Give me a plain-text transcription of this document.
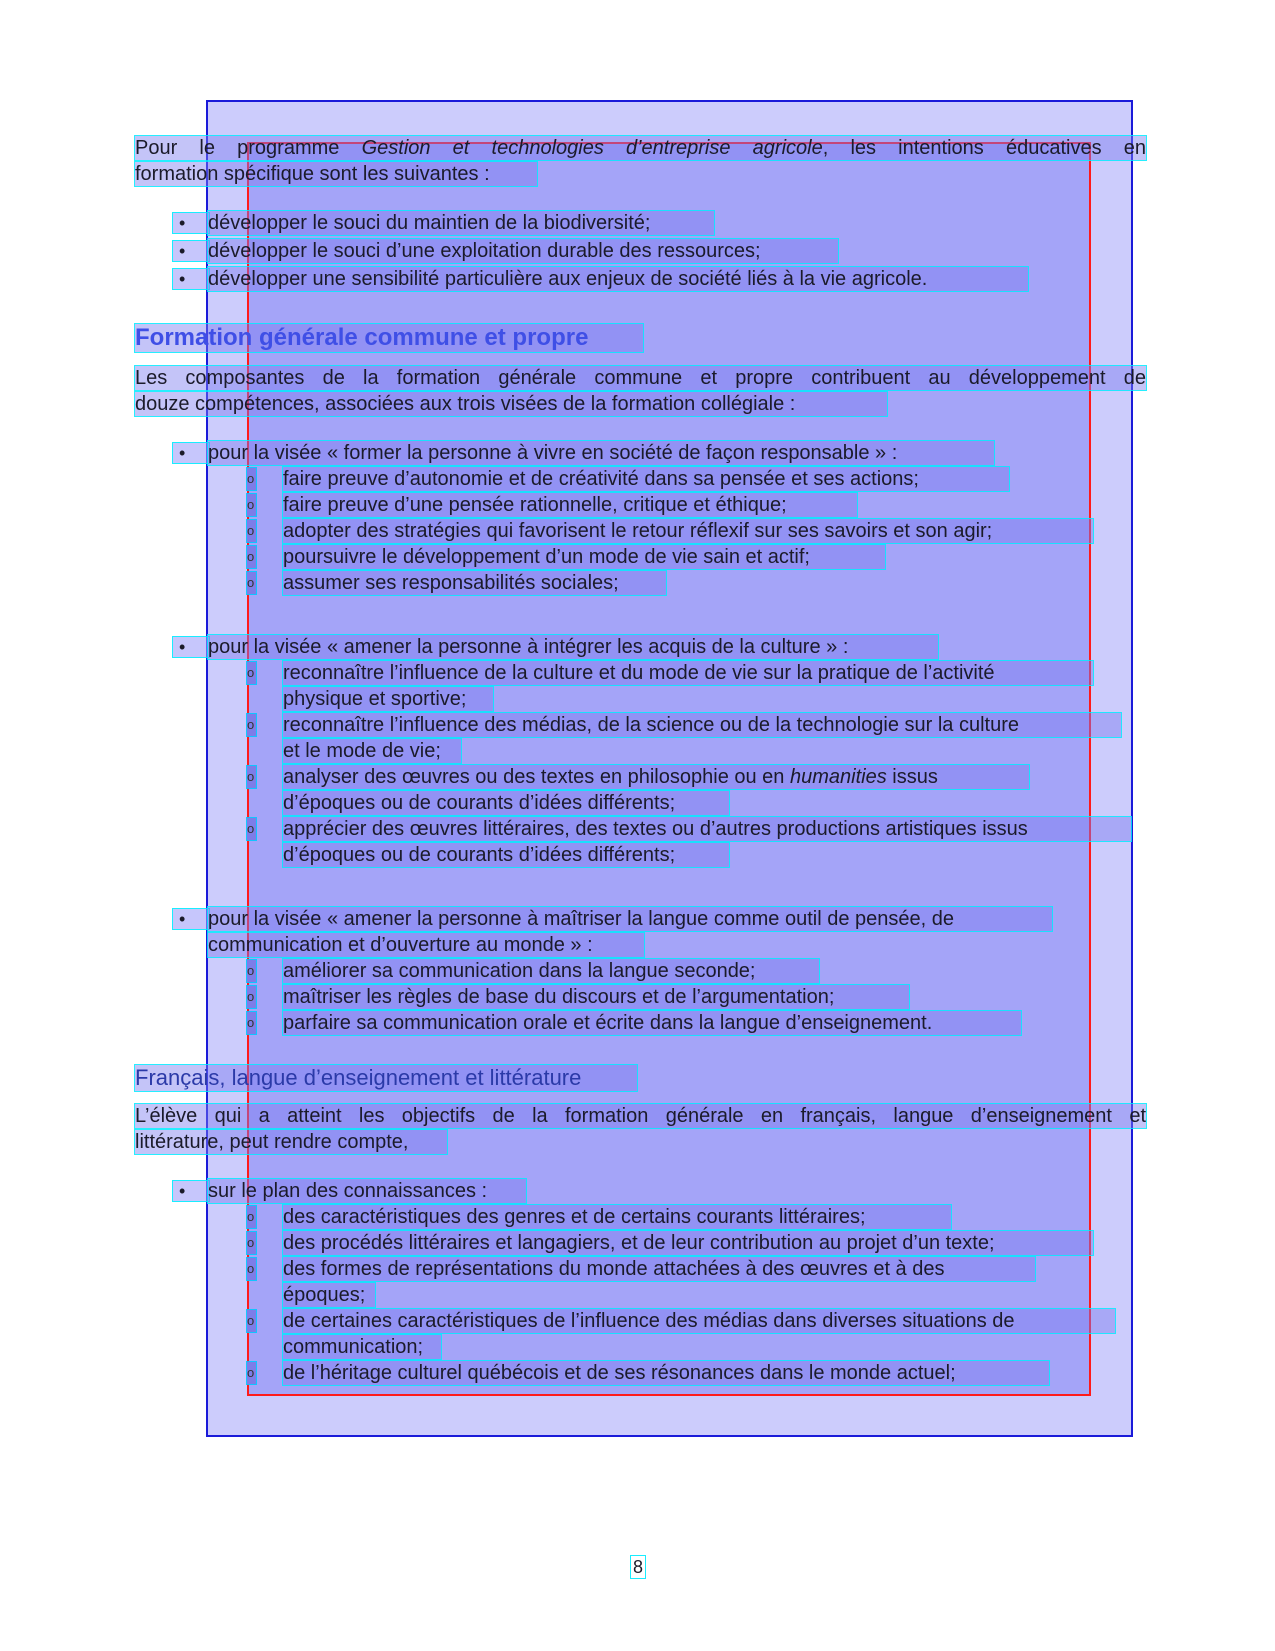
Pour le programme Gestion et technologies d’entreprise agricole, les intentions éducatives en
formation spécifique sont les suivantes :
•	développer le souci du maintien de la biodiversité;
•	développer le souci d’une exploitation durable des ressources;
•	développer une sensibilité particulière aux enjeux de société liés à la vie agricole.
Formation générale commune et propre
Les composantes de la formation générale commune et propre contribuent au développement de
douze compétences, associées aux trois visées de la formation collégiale :
•	pour la visée « former la personne à vivre en société de façon responsable » :
o faire preuve d’autonomie et de créativité dans sa pensée et ses actions;
o faire preuve d’une pensée rationnelle, critique et éthique;
o adopter des stratégies qui favorisent le retour réflexif sur ses savoirs et son agir;
o poursuivre le développement d’un mode de vie sain et actif;
o assumer ses responsabilités sociales;
•	pour la visée « amener la personne à intégrer les acquis de la culture » :
o reconnaître l’influence de la culture et du mode de vie sur la pratique de l’activité
physique et sportive;
o reconnaître l’influence des médias, de la science ou de la technologie sur la culture
et le mode de vie;
o analyser des œuvres ou des textes en philosophie ou en humanities issus
d’époques ou de courants d’idées différents;
o apprécier des œuvres littéraires, des textes ou d’autres productions artistiques issus
d’époques ou de courants d’idées différents;
•	pour la visée « amener la personne à maîtriser la langue comme outil de pensée, de
communication et d’ouverture au monde » :
o améliorer sa communication dans la langue seconde;
o maîtriser les règles de base du discours et de l’argumentation;
o parfaire sa communication orale et écrite dans la langue d’enseignement.
Français, langue d’enseignement et littérature
L’élève qui a atteint les objectifs de la formation générale en français, langue d’enseignement et
littérature, peut rendre compte,
•	sur le plan des connaissances :
o des caractéristiques des genres et de certains courants littéraires;
o des procédés littéraires et langagiers, et de leur contribution au projet d’un texte;
o des formes de représentations du monde attachées à des œuvres et à des
époques;
o de certaines caractéristiques de l’influence des médias dans diverses situations de
communication;
o de l’héritage culturel québécois et de ses résonances dans le monde actuel;
8
